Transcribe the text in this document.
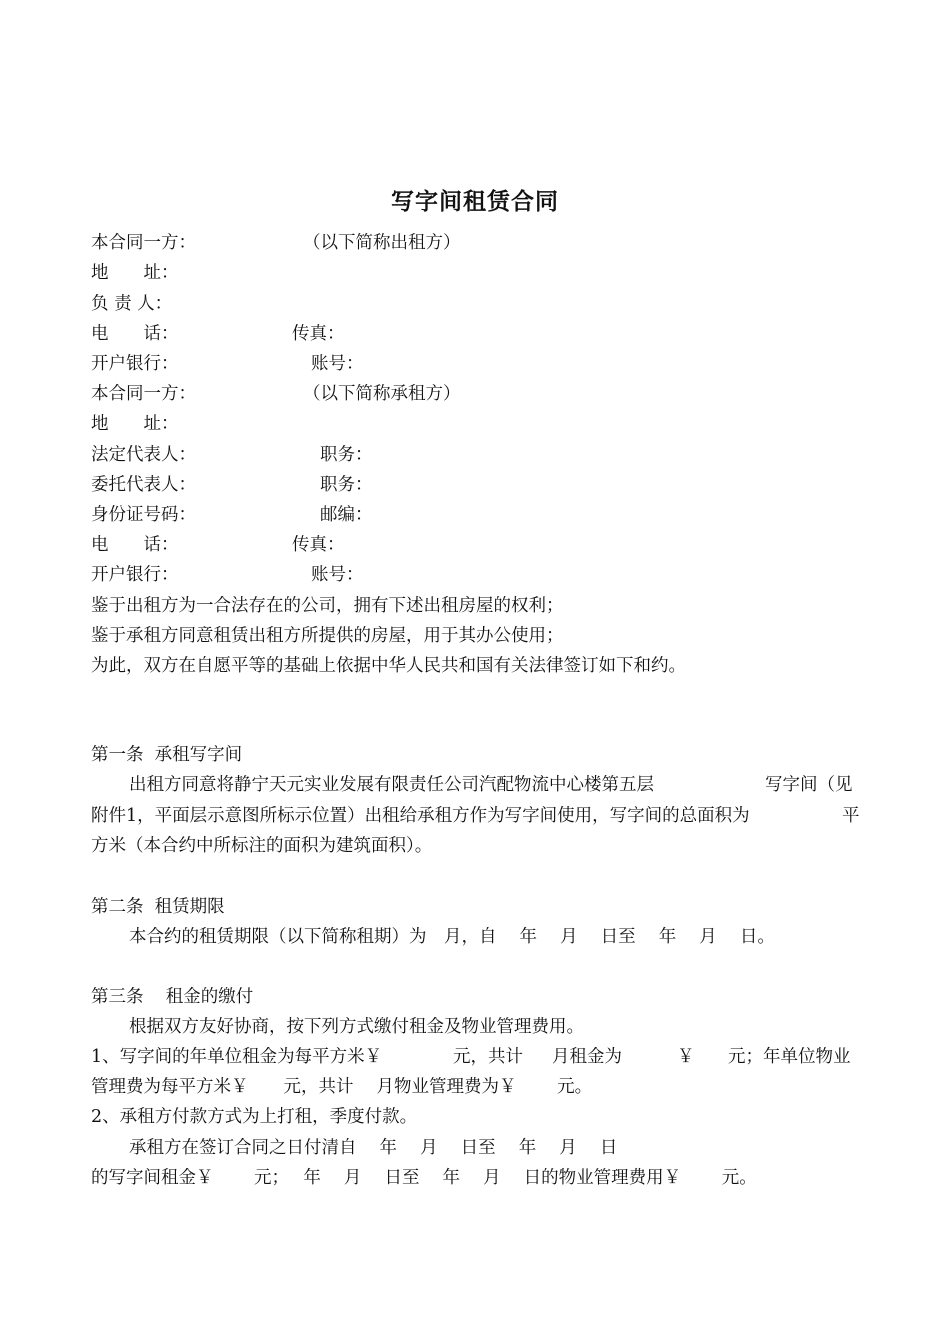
写字间租赁合同
本合同一方：	（以下简称出租方）
地　　址：
负 责 人：
电　　话：	传真：
开户银行：	账号：
本合同一方：	（以下简称承租方）
地　　址：
法定代表人：	职务：
委托代表人：	职务：
身份证号码：	邮编：
电　　话：	传真：
开户银行：	账号：
鉴于出租方为一合法存在的公司，拥有下述出租房屋的权利；
鉴于承租方同意租赁出租方所提供的房屋，用于其办公使用；
为此，双方在自愿平等的基础上依据中华人民共和国有关法律签订如下和约。
第一条  承租写字间
出租方同意将静宁天元实业发展有限责任公司汽配物流中心楼第五层	写字间（见
附件1，平面层示意图所标示位置）出租给承租方作为写字间使用，写字间的总面积为	平
方米（本合约中所标注的面积为建筑面积）。
第二条  租赁期限
本合约的租赁期限（以下简称租期）为　月，自　 年　 月　 日至　 年　 月　 日。
第三条    租金的缴付
根据双方友好协商，按下列方式缴付租金及物业管理费用。
1、写字间的年单位租金为每平方米￥	元，共计 月租金为	￥ 元；年单位物业
管理费为每平方米￥　　元，共计　 月物业管理费为￥　　 元。
2、承租方付款方式为上打租，季度付款。
承租方在签订合同之日付清自　 年　 月　 日至　 年　 月　 日
的写字间租金￥　　 元；　 年　 月　 日至　 年　 月　 日的物业管理费用￥　　 元。
